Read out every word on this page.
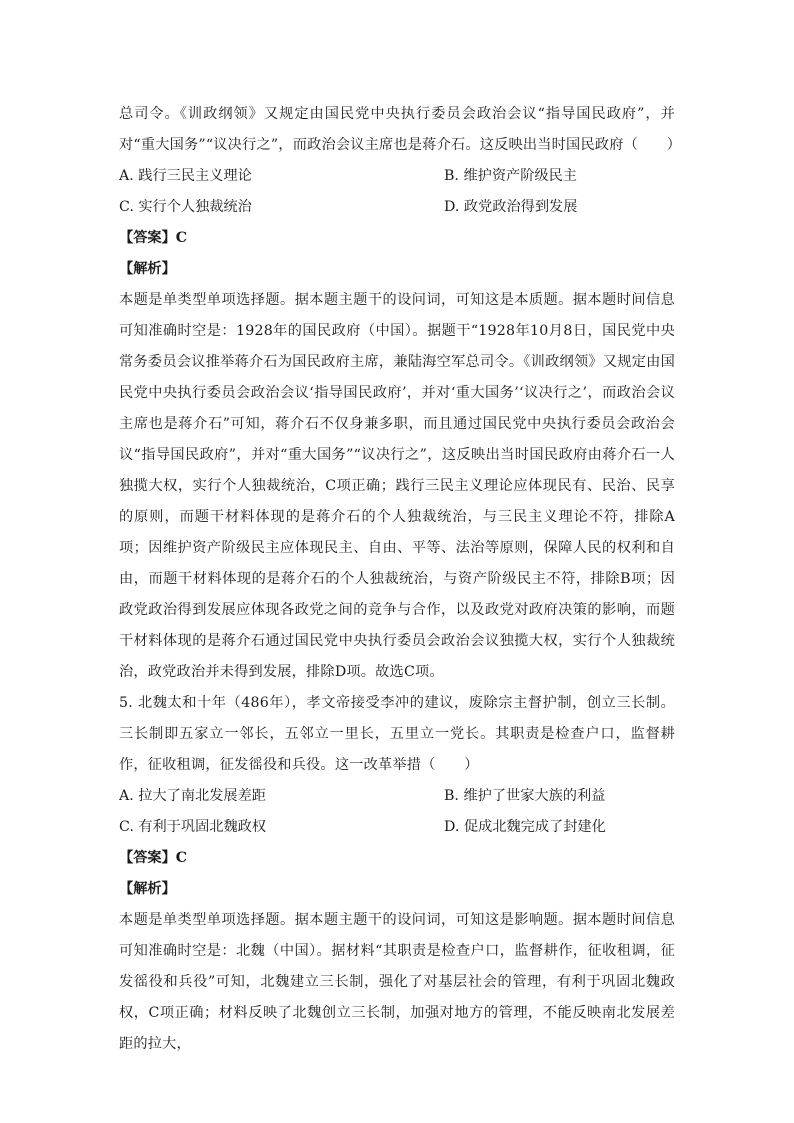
总司令。《训政纲领》又规定由国民党中央执行委员会政治会议“指导国民政府”，并对“重大国务”“议决行之”，而政治会议主席也是蒋介石。这反映出当时国民政府（　　）

A. 践行三民主义理论	B. 维护资产阶级民主
C. 实行个人独裁统治	D. 政党政治得到发展

【答案】C

【解析】

本题是单类型单项选择题。据本题主题干的设问词，可知这是本质题。据本题时间信息可知准确时空是：1928年的国民政府（中国）。据题干“1928年10月8日，国民党中央常务委员会议推举蒋介石为国民政府主席，兼陆海空军总司令。《训政纲领》又规定由国民党中央执行委员会政治会议‘指导国民政府’，并对‘重大国务’‘议决行之’，而政治会议主席也是蒋介石”可知，蒋介石不仅身兼多职，而且通过国民党中央执行委员会政治会议“指导国民政府”，并对“重大国务”“议决行之”，这反映出当时国民政府由蒋介石一人独揽大权，实行个人独裁统治，C项正确；践行三民主义理论应体现民有、民治、民享的原则，而题干材料体现的是蒋介石的个人独裁统治，与三民主义理论不符，排除A项；因维护资产阶级民主应体现民主、自由、平等、法治等原则，保障人民的权利和自由，而题干材料体现的是蒋介石的个人独裁统治，与资产阶级民主不符，排除B项；因政党政治得到发展应体现各政党之间的竞争与合作，以及政党对政府决策的影响，而题干材料体现的是蒋介石通过国民党中央执行委员会政治会议独揽大权，实行个人独裁统治，政党政治并未得到发展，排除D项。故选C项。

5. 北魏太和十年（486年），孝文帝接受李冲的建议，废除宗主督护制，创立三长制。三长制即五家立一邻长，五邻立一里长，五里立一党长。其职责是检查户口，监督耕作，征收租调，征发徭役和兵役。这一改革举措（　　）

A. 拉大了南北发展差距	B. 维护了世家大族的利益
C. 有利于巩固北魏政权	D. 促成北魏完成了封建化

【答案】C

【解析】

本题是单类型单项选择题。据本题主题干的设问词，可知这是影响题。据本题时间信息可知准确时空是：北魏（中国）。据材料“其职责是检查户口，监督耕作，征收租调，征发徭役和兵役”可知，北魏建立三长制，强化了对基层社会的管理，有利于巩固北魏政权，C项正确；材料反映了北魏创立三长制，加强对地方的管理，不能反映南北发展差距的拉大，
